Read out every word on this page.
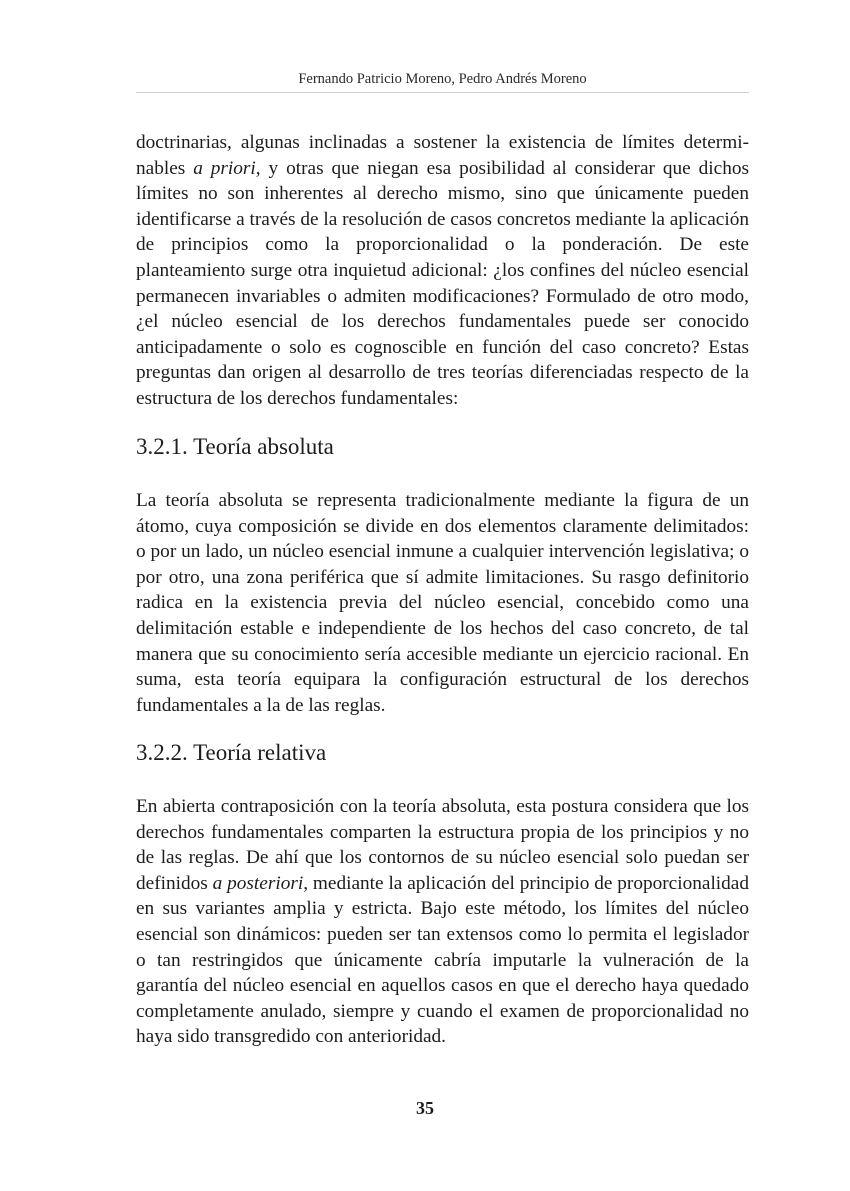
Fernando Patricio Moreno, Pedro Andrés Moreno

doctrinarias, algunas inclinadas a sostener la existencia de límites determinables a priori, y otras que niegan esa posibilidad al considerar que dichos límites no son inherentes al derecho mismo, sino que únicamente pueden identificarse a través de la resolución de casos concretos mediante la aplicación de principios como la proporcionalidad o la ponderación. De este planteamiento surge otra inquietud adicional: ¿los confines del núcleo esencial permanecen invariables o admiten modificaciones? Formulado de otro modo, ¿el núcleo esencial de los derechos fundamentales puede ser conocido anticipadamente o solo es cognoscible en función del caso concreto? Estas preguntas dan origen al desarrollo de tres teorías diferenciadas respecto de la estructura de los derechos fundamentales:

3.2.1. Teoría absoluta

La teoría absoluta se representa tradicionalmente mediante la figura de un átomo, cuya composición se divide en dos elementos claramente delimitados: o por un lado, un núcleo esencial inmune a cualquier intervención legislativa; o por otro, una zona periférica que sí admite limitaciones. Su rasgo definitorio radica en la existencia previa del núcleo esencial, concebido como una delimitación estable e independiente de los hechos del caso concreto, de tal manera que su conocimiento sería accesible mediante un ejercicio racional. En suma, esta teoría equipara la configuración estructural de los derechos fundamentales a la de las reglas.

3.2.2. Teoría relativa

En abierta contraposición con la teoría absoluta, esta postura considera que los derechos fundamentales comparten la estructura propia de los principios y no de las reglas. De ahí que los contornos de su núcleo esencial solo puedan ser definidos a posteriori, mediante la aplicación del principio de proporcionalidad en sus variantes amplia y estricta. Bajo este método, los límites del núcleo esencial son dinámicos: pueden ser tan extensos como lo permita el legislador o tan restringidos que únicamente cabría imputarle la vulneración de la garantía del núcleo esencial en aquellos casos en que el derecho haya quedado completamente anulado, siempre y cuando el examen de proporcionalidad no haya sido transgredido con anterioridad.

35
